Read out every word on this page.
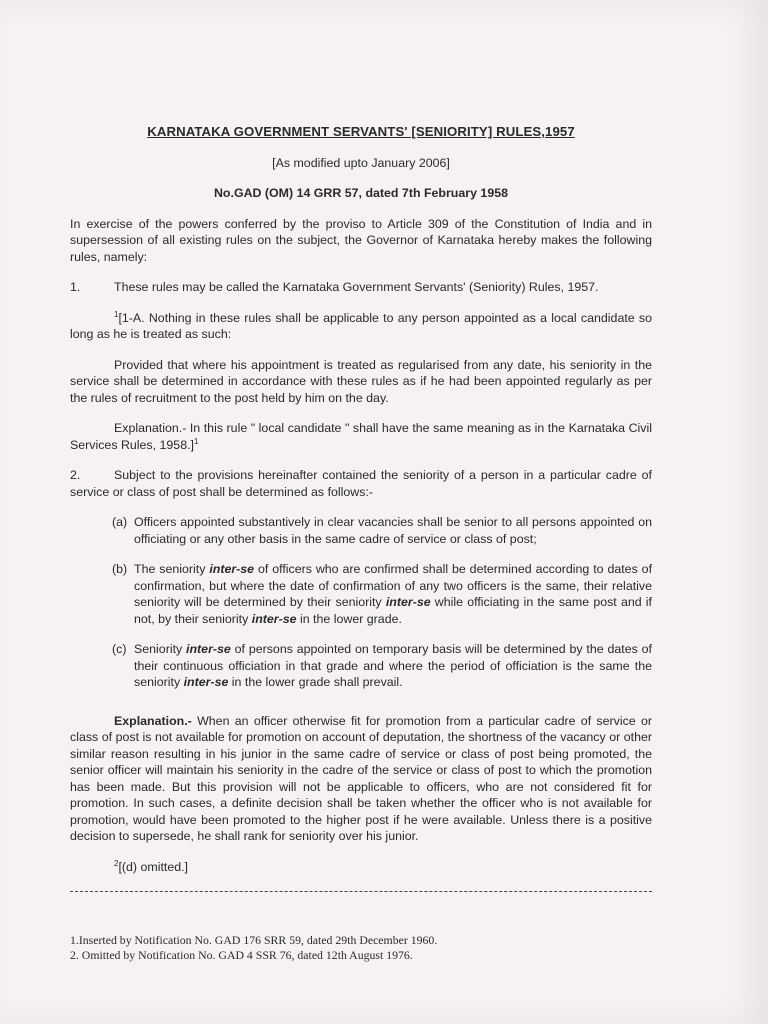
KARNATAKA GOVERNMENT SERVANTS' [SENIORITY] RULES,1957
[As modified upto January 2006]
No.GAD (OM) 14 GRR 57, dated 7th February 1958

In exercise of the powers conferred by the proviso to Article 309 of the Constitution of India and in supersession of all existing rules on the subject, the Governor of Karnataka hereby makes the following rules, namely:

1.	These rules may be called the Karnataka Government Servants' (Seniority) Rules, 1957.

$^1$[1-A. Nothing in these rules shall be applicable to any person appointed as a local candidate so long as he is treated as such:

Provided that where his appointment is treated as regularised from any date, his seniority in the service shall be determined in accordance with these rules as if he had been appointed regularly as per the rules of recruitment to the post held by him on the day.

Explanation.- In this rule " local candidate " shall have the same meaning as in the Karnataka Civil Services Rules, 1958.]$^1$

2.	Subject to the provisions hereinafter contained the seniority of a person in a particular cadre of service or class of post shall be determined as follows:-
(a) Officers appointed substantively in clear vacancies shall be senior to all persons appointed on officiating or any other basis in the same cadre of service or class of post;
(b) The seniority inter-se of officers who are confirmed shall be determined according to dates of confirmation, but where the date of confirmation of any two officers is the same, their relative seniority will be determined by their seniority inter-se while officiating in the same post and if not, by their seniority inter-se in the lower grade.
(c) Seniority inter-se of persons appointed on temporary basis will be determined by the dates of their continuous officiation in that grade and where the period of officiation is the same the seniority inter-se in the lower grade shall prevail.

Explanation.- When an officer otherwise fit for promotion from a particular cadre of service or class of post is not available for promotion on account of deputation, the shortness of the vacancy or other similar reason resulting in his junior in the same cadre of service or class of post being promoted, the senior officer will maintain his seniority in the cadre of the service or class of post to which the promotion has been made. But this provision will not be applicable to officers, who are not considered fit for promotion. In such cases, a definite decision shall be taken whether the officer who is not available for promotion, would have been promoted to the higher post if he were available. Unless there is a positive decision to supersede, he shall rank for seniority over his junior.

$^2$[(d) omitted.]
1.Inserted by Notification No. GAD 176 SRR 59, dated 29th December 1960.
2. Omitted by Notification No. GAD 4 SSR 76, dated 12th August 1976.
